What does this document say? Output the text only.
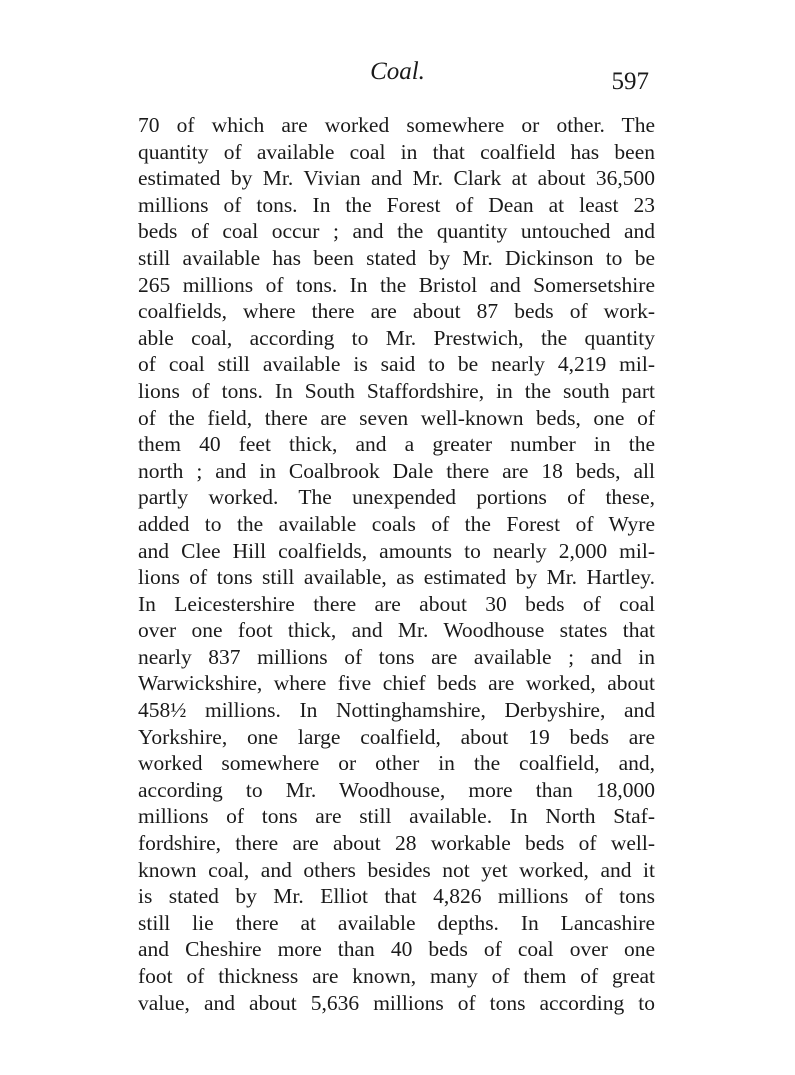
Coal.	597
70 of which are worked somewhere or other. The
quantity of available coal in that coalfield has been
estimated by Mr. Vivian and Mr. Clark at about 36,500
millions of tons. In the Forest of Dean at least 23
beds of coal occur ; and the quantity untouched and
still available has been stated by Mr. Dickinson to be
265 millions of tons. In the Bristol and Somersetshire
coalfields, where there are about 87 beds of work-
able coal, according to Mr. Prestwich, the quantity
of coal still available is said to be nearly 4,219 mil-
lions of tons. In South Staffordshire, in the south part
of the field, there are seven well-known beds, one of
them 40 feet thick, and a greater number in the
north ; and in Coalbrook Dale there are 18 beds, all
partly worked. The unexpended portions of these,
added to the available coals of the Forest of Wyre
and Clee Hill coalfields, amounts to nearly 2,000 mil-
lions of tons still available, as estimated by Mr. Hartley.
In Leicestershire there are about 30 beds of coal
over one foot thick, and Mr. Woodhouse states that
nearly 837 millions of tons are available ; and in
Warwickshire, where five chief beds are worked, about
458½ millions. In Nottinghamshire, Derbyshire, and
Yorkshire, one large coalfield, about 19 beds are
worked somewhere or other in the coalfield, and,
according to Mr. Woodhouse, more than 18,000
millions of tons are still available. In North Staf-
fordshire, there are about 28 workable beds of well-
known coal, and others besides not yet worked, and it
is stated by Mr. Elliot that 4,826 millions of tons
still lie there at available depths. In Lancashire
and Cheshire more than 40 beds of coal over one
foot of thickness are known, many of them of great
value, and about 5,636 millions of tons according to
